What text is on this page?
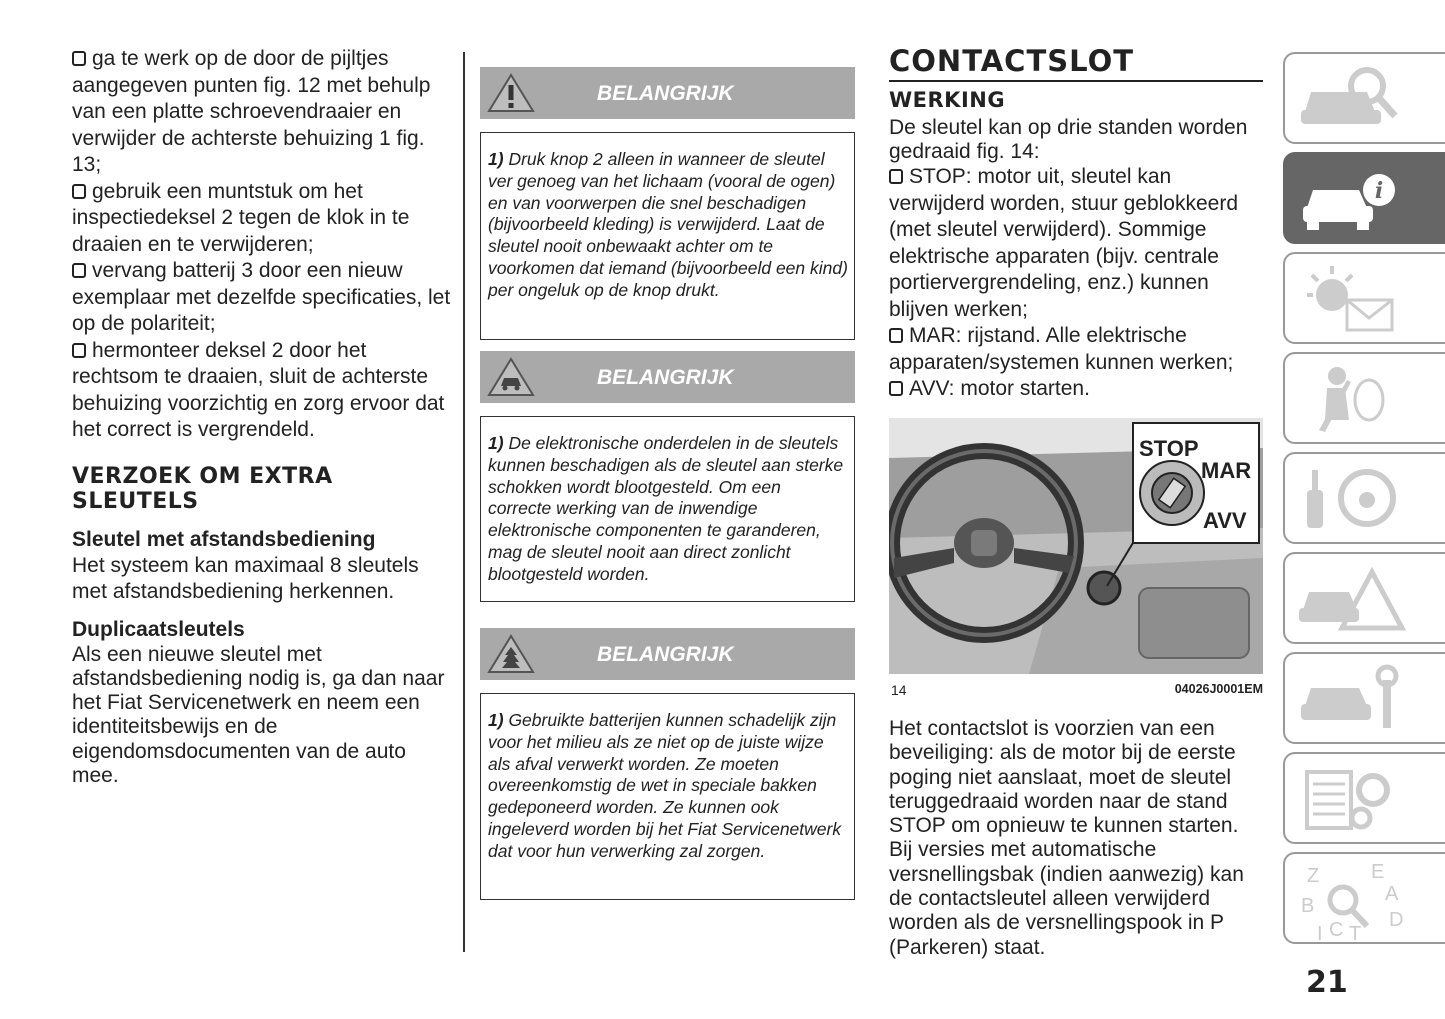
ga te werk op de door de pijltjes aangegeven punten fig. 12 met behulp van een platte schroevendraaier en verwijder de achterste behuizing 1 fig. 13;

gebruik een muntstuk om het inspectiedeksel 2 tegen de klok in te draaien en te verwijderen;

vervang batterij 3 door een nieuw exemplaar met dezelfde specificaties, let op de polariteit;

hermonteer deksel 2 door het rechtsom te draaien, sluit de achterste behuizing voorzichtig en zorg ervoor dat het correct is vergrendeld.

VERZOEK OM EXTRA SLEUTELS

Sleutel met afstandsbediening

Het systeem kan maximaal 8 sleutels met afstandsbediening herkennen.

Duplicaatsleutels

Als een nieuwe sleutel met afstandsbediening nodig is, ga dan naar het Fiat Servicenetwerk en neem een identiteitsbewijs en de eigendomsdocumenten van de auto mee.

BELANGRIJK
1) Druk knop 2 alleen in wanneer de sleutel ver genoeg van het lichaam (vooral de ogen) en van voorwerpen die snel beschadigen (bijvoorbeeld kleding) is verwijderd. Laat de sleutel nooit onbewaakt achter om te voorkomen dat iemand (bijvoorbeeld een kind) per ongeluk op de knop drukt.
BELANGRIJK
1) De elektronische onderdelen in de sleutels kunnen beschadigen als de sleutel aan sterke schokken wordt blootgesteld. Om een correcte werking van de inwendige elektronische componenten te garanderen, mag de sleutel nooit aan direct zonlicht blootgesteld worden.
BELANGRIJK
1) Gebruikte batterijen kunnen schadelijk zijn voor het milieu als ze niet op de juiste wijze als afval verwerkt worden. Ze moeten overeenkomstig de wet in speciale bakken gedeponeerd worden. Ze kunnen ook ingeleverd worden bij het Fiat Servicenetwerk dat voor hun verwerking zal zorgen.
CONTACTSLOT
WERKING

De sleutel kan op drie standen worden gedraaid fig. 14:

STOP: motor uit, sleutel kan verwijderd worden, stuur geblokkeerd (met sleutel verwijderd). Sommige elektrische apparaten (bijv. centrale portiervergrendeling, enz.) kunnen blijven werken;

MAR: rijstand. Alle elektrische apparaten/systemen kunnen werken;

AVV: motor starten.

STOP
MAR
AVV
14	04026J0001EM
Het contactslot is voorzien van een beveiliging: als de motor bij de eerste poging niet aanslaat, moet de sleutel teruggedraaid worden naar de stand STOP om opnieuw te kunnen starten. Bij versies met automatische versnellingsbak (indien aanwezig) kan de contactsleutel alleen verwijderd worden als de versnellingspook in P (Parkeren) staat.
i
Z	E
A
B
C T
D
I
21
